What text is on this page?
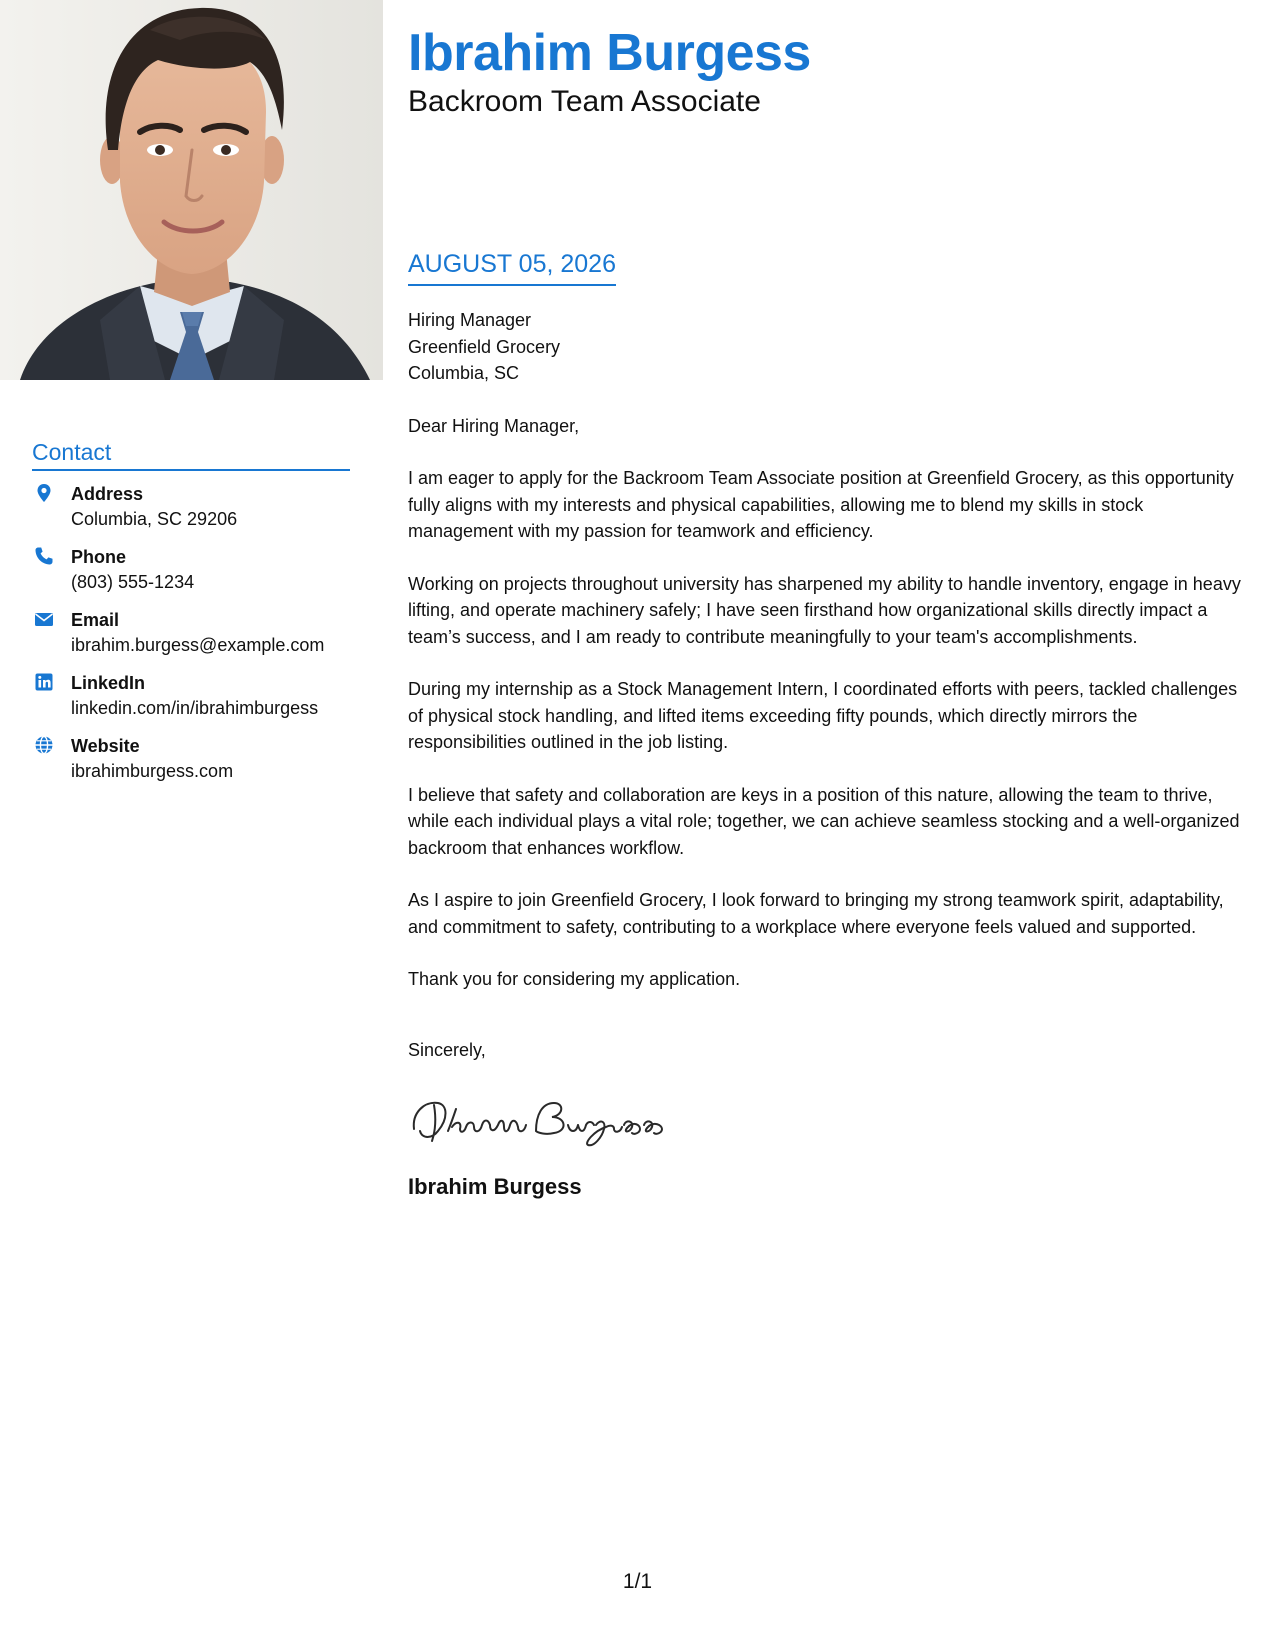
Ibrahim Burgess
Backroom Team Associate
AUGUST 05, 2026
Hiring Manager
Greenfield Grocery
Columbia, SC

Dear Hiring Manager,

I am eager to apply for the Backroom Team Associate position at Greenfield Grocery, as this opportunity fully aligns with my interests and physical capabilities, allowing me to blend my skills in stock management with my passion for teamwork and efficiency.

Working on projects throughout university has sharpened my ability to handle inventory, engage in heavy lifting, and operate machinery safely; I have seen firsthand how organizational skills directly impact a team’s success, and I am ready to contribute meaningfully to your team's accomplishments.

During my internship as a Stock Management Intern, I coordinated efforts with peers, tackled challenges of physical stock handling, and lifted items exceeding fifty pounds, which directly mirrors the responsibilities outlined in the job listing.

I believe that safety and collaboration are keys in a position of this nature, allowing the team to thrive, while each individual plays a vital role; together, we can achieve seamless stocking and a well-organized backroom that enhances workflow.

As I aspire to join Greenfield Grocery, I look forward to bringing my strong teamwork spirit, adaptability, and commitment to safety, contributing to a workplace where everyone feels valued and supported.

Thank you for considering my application.

Sincerely,

Ibrahim Burgess
Contact
Address
Columbia, SC 29206
Phone
(803) 555-1234
Email
ibrahim.burgess@example.com
LinkedIn
linkedin.com/in/ibrahimburgess
Website
ibrahimburgess.com
1/1
